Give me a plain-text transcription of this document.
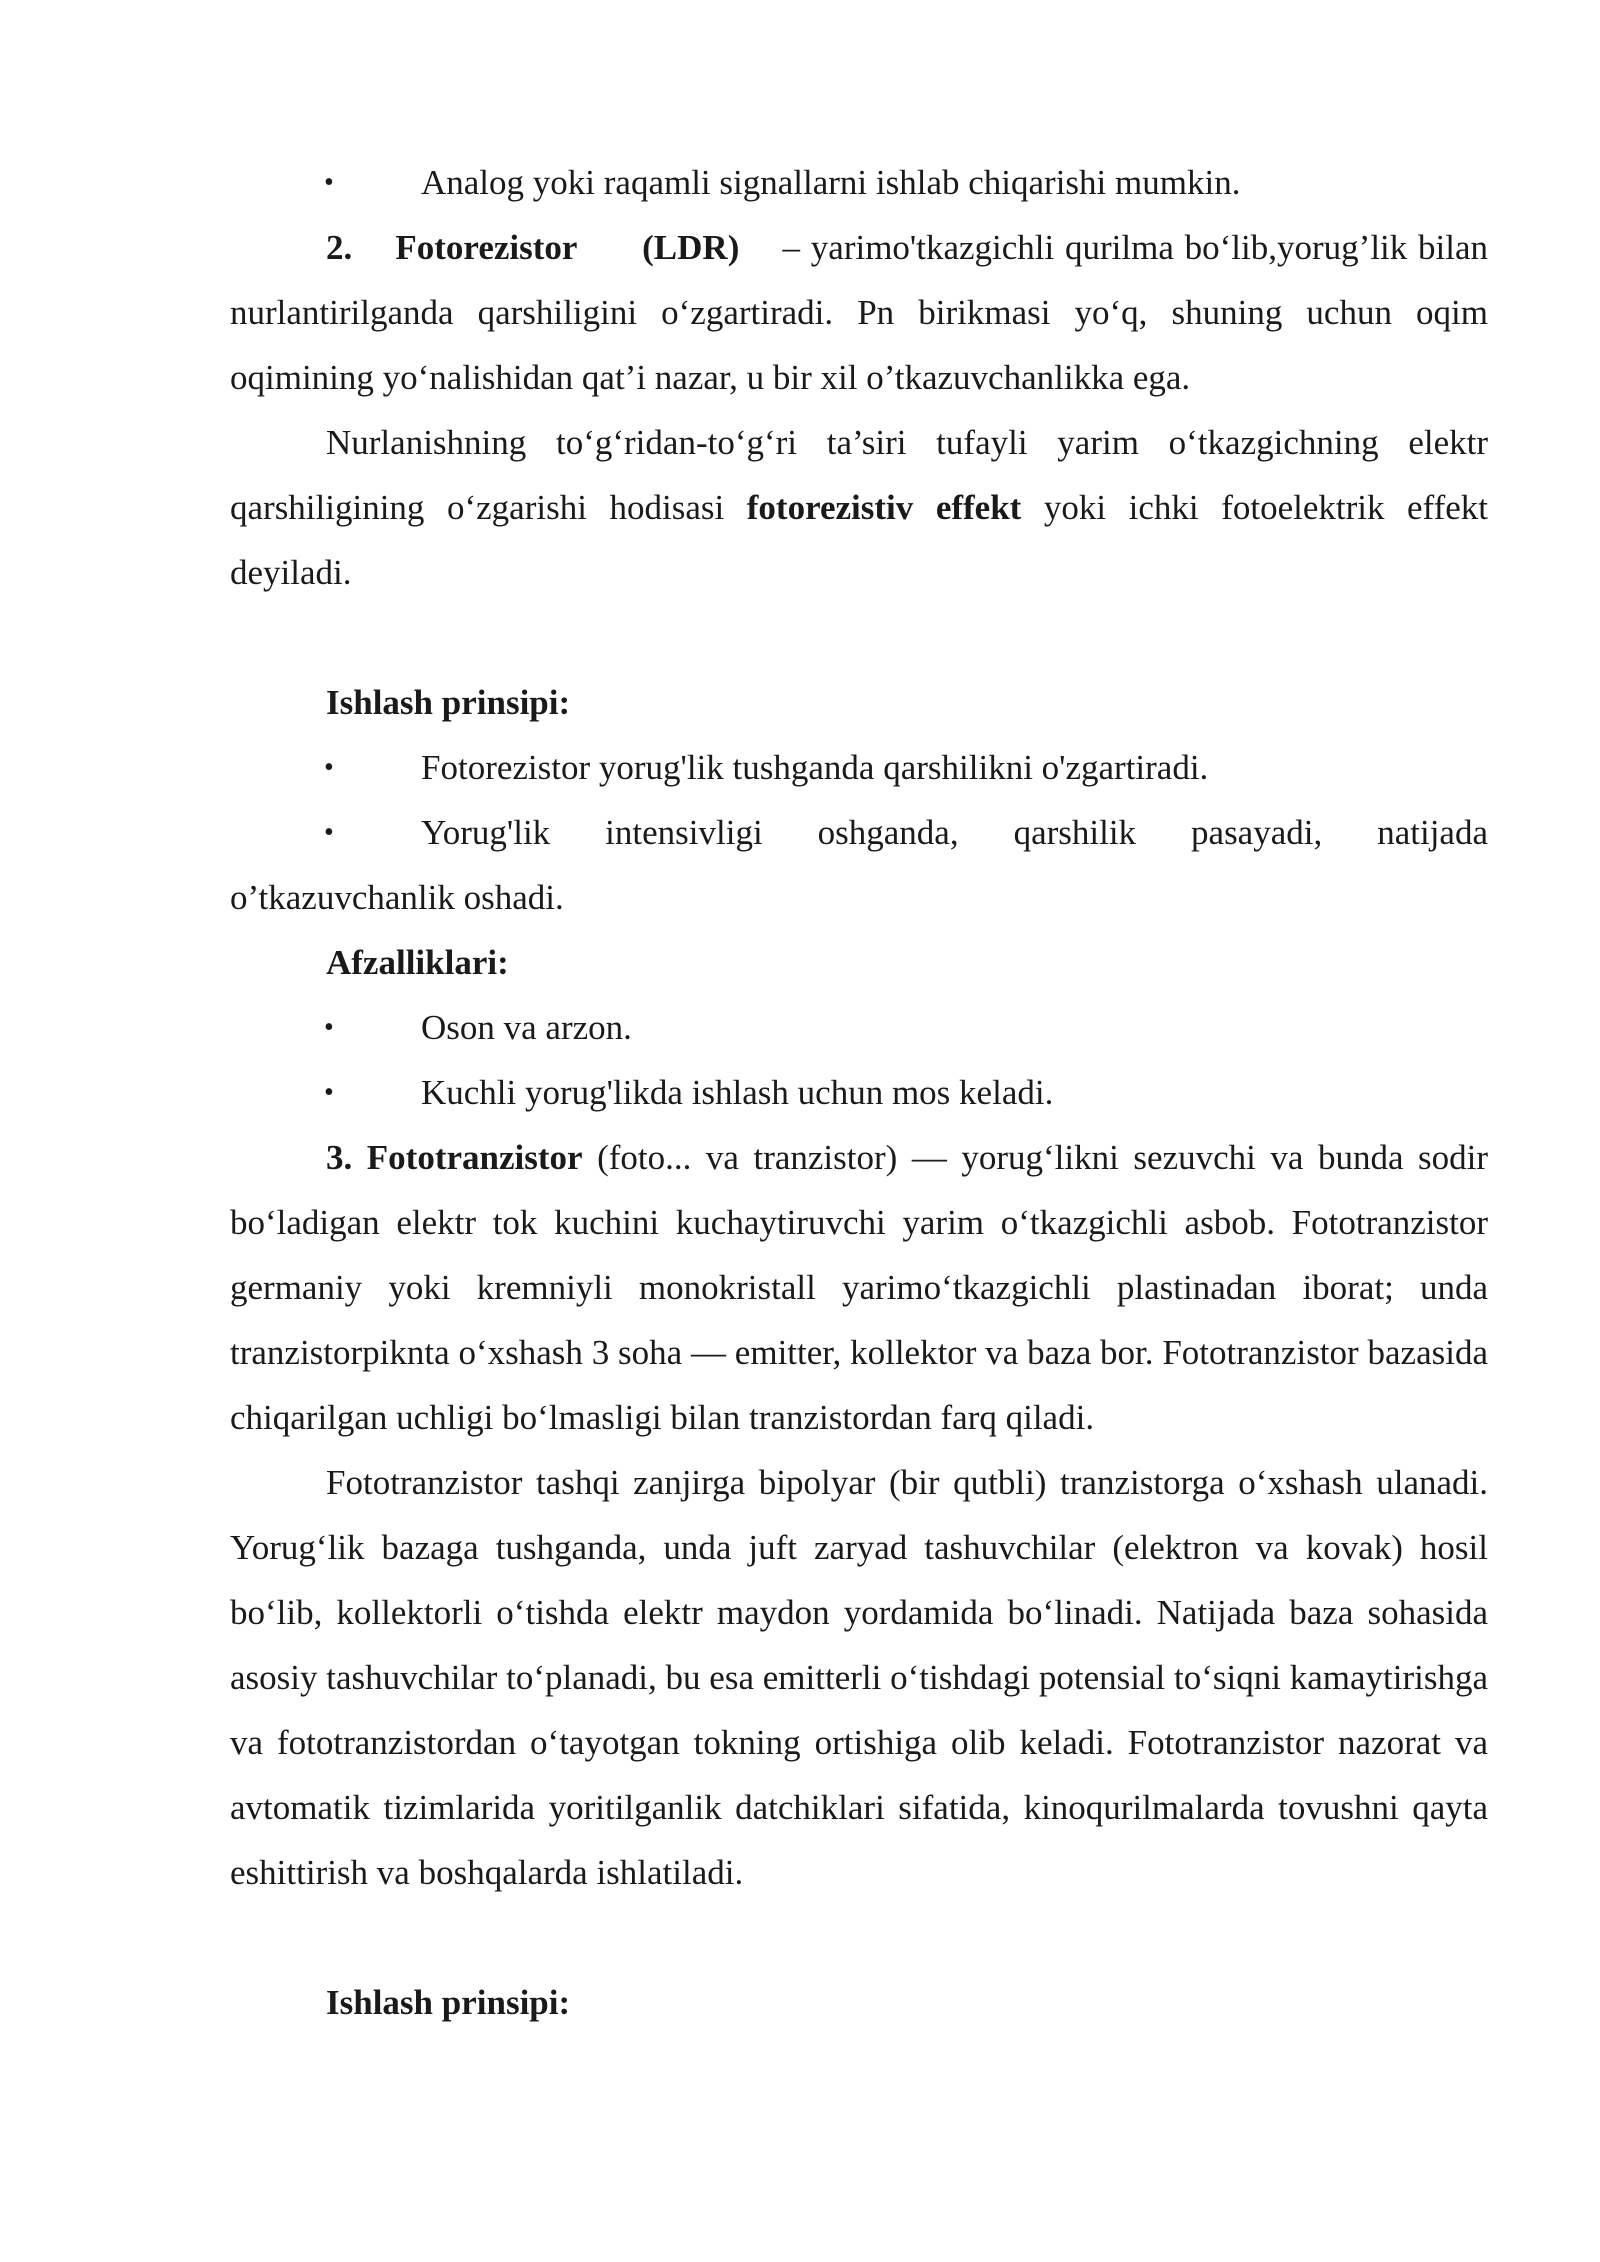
•	Analog yoki raqamli signallarni ishlab chiqarishi mumkin.

2. Fotorezistor (LDR) – yarimo'tkazgichli qurilma bo‘lib,yorug’lik bilan nurlantirilganda qarshiligini o‘zgartiradi. Pn birikmasi yo‘q, shuning uchun oqim oqimining yo‘nalishidan qat’i nazar, u bir xil o’tkazuvchanlikka ega.

Nurlanishning to‘g‘ridan-to‘g‘ri ta’siri tufayli yarim o‘tkazgichning elektr qarshiligining o‘zgarishi hodisasi fotorezistiv effekt yoki ichki fotoelektrik effekt deyiladi.

Ishlash prinsipi:

•	Fotorezistor yorug'lik tushganda qarshilikni o'zgartiradi.

•	Yorug'lik intensivligi oshganda, qarshilik pasayadi, natijada o’tkazuvchanlik oshadi.

Afzalliklari:

•	Oson va arzon.

•	Kuchli yorug'likda ishlash uchun mos keladi.

3. Fototranzistor (foto... va tranzistor) — yorug‘likni sezuvchi va bunda sodir bo‘ladigan elektr tok kuchini kuchaytiruvchi yarim o‘tkazgichli asbob. Fototranzistor germaniy yoki kremniyli monokristall yarimo‘tkazgichli plastinadan iborat; unda tranzistorpiknta o‘xshash 3 soha — emitter, kollektor va baza bor. Fototranzistor bazasida chiqarilgan uchligi bo‘lmasligi bilan tranzistordan farq qiladi.

Fototranzistor tashqi zanjirga bipolyar (bir qutbli) tranzistorga o‘xshash ulanadi. Yorug‘lik bazaga tushganda, unda juft zaryad tashuvchilar (elektron va kovak) hosil bo‘lib, kollektorli o‘tishda elektr maydon yordamida bo‘linadi. Natijada baza sohasida asosiy tashuvchilar to‘planadi, bu esa emitterli o‘tishdagi potensial to‘siqni kamaytirishga va fototranzistordan o‘tayotgan tokning ortishiga olib keladi. Fototranzistor nazorat va avtomatik tizimlarida yoritilganlik datchiklari sifatida, kinoqurilmalarda tovushni qayta eshittirish va boshqalarda ishlatiladi.

Ishlash prinsipi:
